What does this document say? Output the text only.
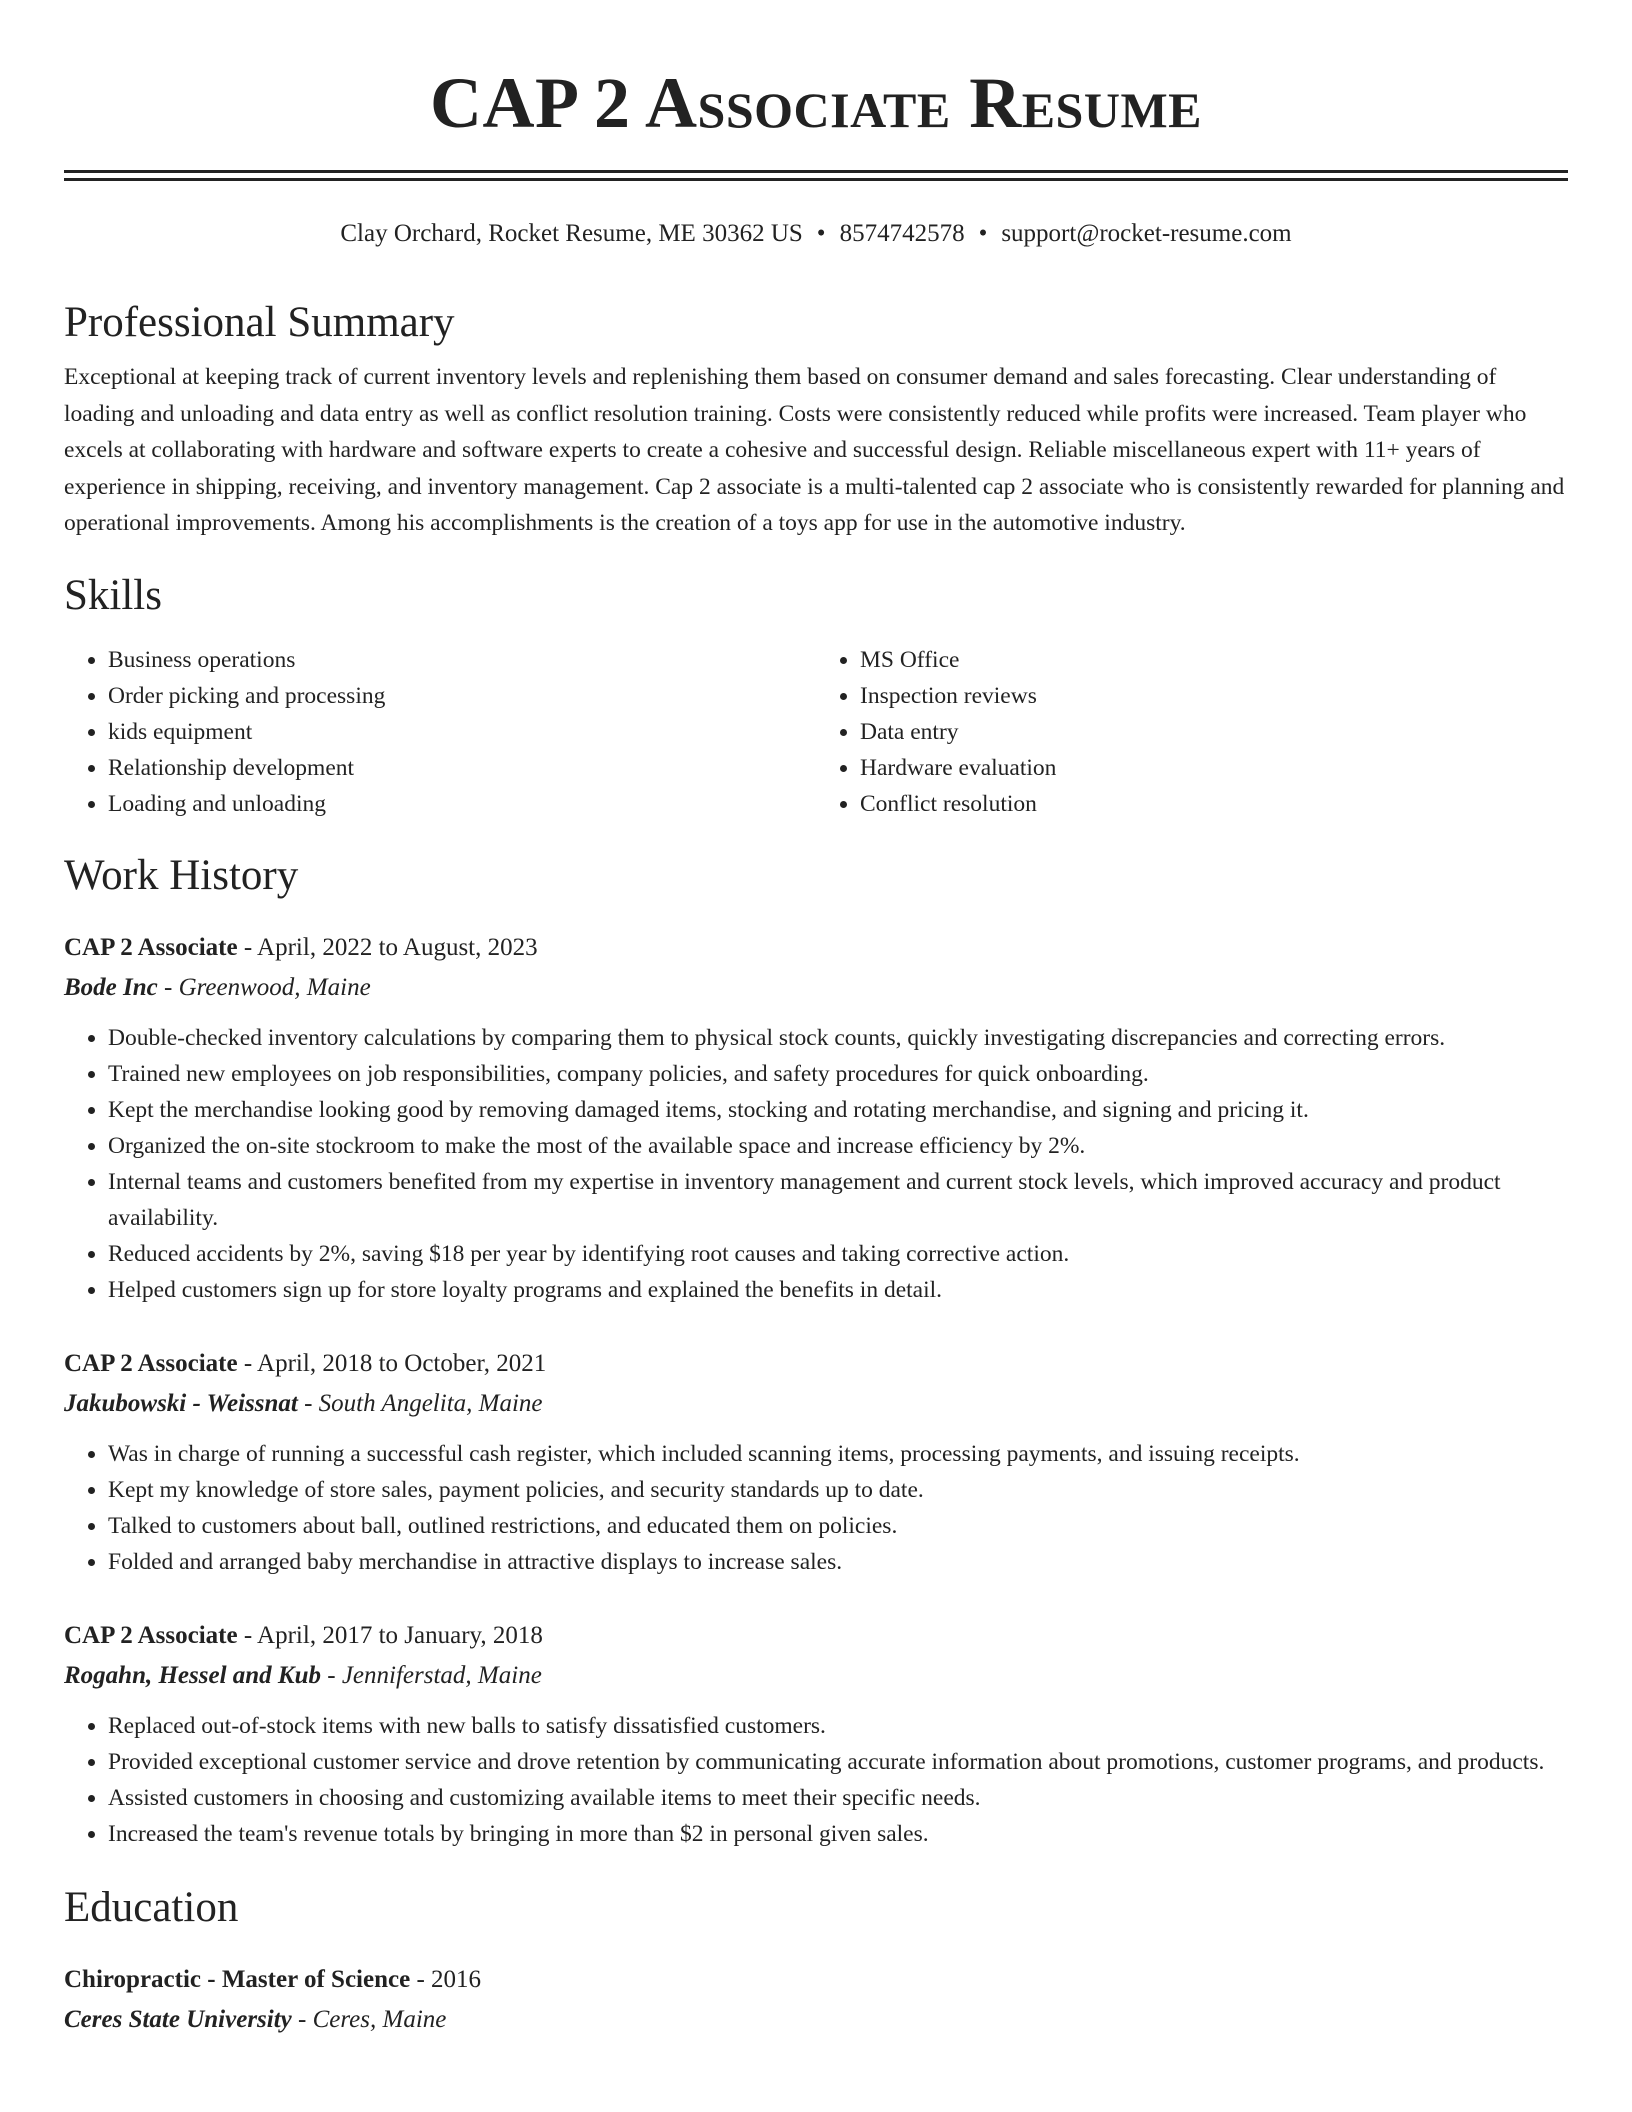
CAP 2 Associate Resume
Clay Orchard, Rocket Resume, ME 30362 US • 8574742578 • support@rocket-resume.com
Professional Summary

Exceptional at keeping track of current inventory levels and replenishing them based on consumer demand and sales forecasting. Clear understanding of loading and unloading and data entry as well as conflict resolution training. Costs were consistently reduced while profits were increased. Team player who excels at collaborating with hardware and software experts to create a cohesive and successful design. Reliable miscellaneous expert with 11+ years of experience in shipping, receiving, and inventory management. Cap 2 associate is a multi-talented cap 2 associate who is consistently rewarded for planning and operational improvements. Among his accomplishments is the creation of a toys app for use in the automotive industry.

Skills
• Business operations
• Order picking and processing
• kids equipment
• Relationship development
• Loading and unloading
• MS Office
• Inspection reviews
• Data entry
• Hardware evaluation
• Conflict resolution
Work History
CAP 2 Associate - April, 2022 to August, 2023
Bode Inc - Greenwood, Maine
• Double-checked inventory calculations by comparing them to physical stock counts, quickly investigating discrepancies and correcting errors.
• Trained new employees on job responsibilities, company policies, and safety procedures for quick onboarding.
• Kept the merchandise looking good by removing damaged items, stocking and rotating merchandise, and signing and pricing it.
• Organized the on-site stockroom to make the most of the available space and increase efficiency by 2%.
• Internal teams and customers benefited from my expertise in inventory management and current stock levels, which improved accuracy and product availability.
• Reduced accidents by 2%, saving $18 per year by identifying root causes and taking corrective action.
• Helped customers sign up for store loyalty programs and explained the benefits in detail.
CAP 2 Associate - April, 2018 to October, 2021
Jakubowski - Weissnat - South Angelita, Maine
• Was in charge of running a successful cash register, which included scanning items, processing payments, and issuing receipts.
• Kept my knowledge of store sales, payment policies, and security standards up to date.
• Talked to customers about ball, outlined restrictions, and educated them on policies.
• Folded and arranged baby merchandise in attractive displays to increase sales.
CAP 2 Associate - April, 2017 to January, 2018
Rogahn, Hessel and Kub - Jenniferstad, Maine
• Replaced out-of-stock items with new balls to satisfy dissatisfied customers.
• Provided exceptional customer service and drove retention by communicating accurate information about promotions, customer programs, and products.
• Assisted customers in choosing and customizing available items to meet their specific needs.
• Increased the team's revenue totals by bringing in more than $2 in personal given sales.
Education
Chiropractic - Master of Science - 2016
Ceres State University - Ceres, Maine
